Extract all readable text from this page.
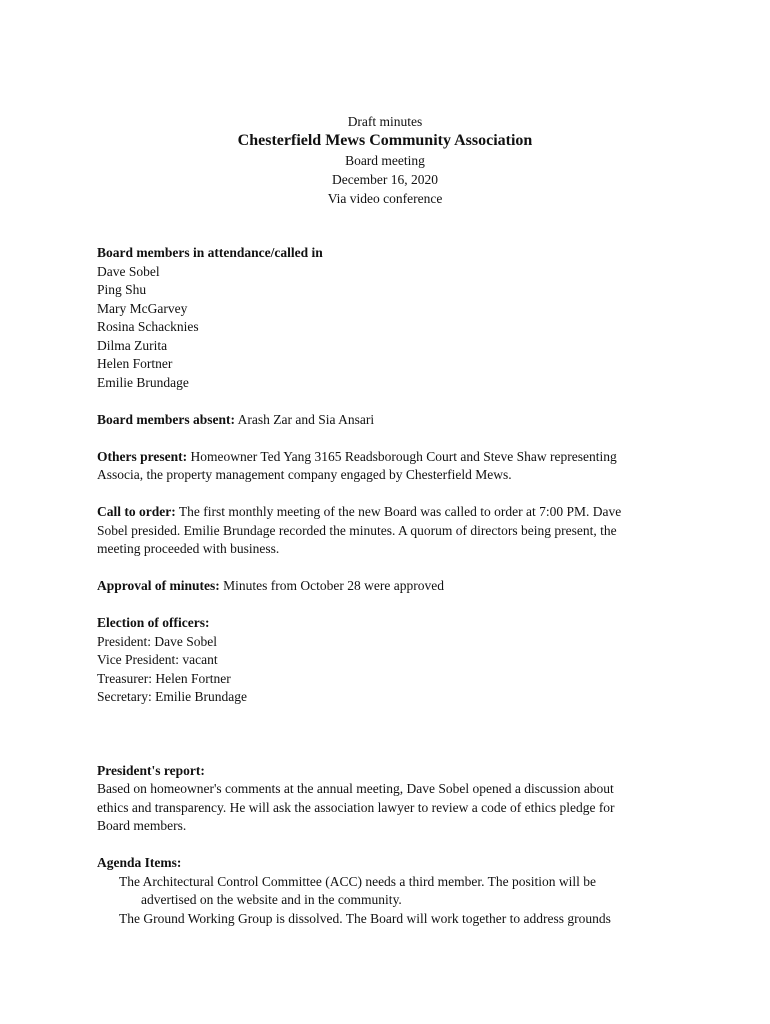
Draft minutes
Chesterfield Mews Community Association
Board meeting
December 16, 2020
Via video conference
Board members in attendance/called in
Dave Sobel
Ping Shu
Mary McGarvey
Rosina Schacknies
Dilma Zurita
Helen Fortner
Emilie Brundage
Board members absent: Arash Zar and Sia Ansari
Others present: Homeowner Ted Yang 3165 Readsborough Court and Steve Shaw representing
Associa, the property management company engaged by Chesterfield Mews.
Call to order: The first monthly meeting of the new Board was called to order at 7:00 PM. Dave
Sobel presided. Emilie Brundage recorded the minutes. A quorum of directors being present, the
meeting proceeded with business.
Approval of minutes: Minutes from October 28 were approved
Election of officers:
President: Dave Sobel
Vice President: vacant
Treasurer: Helen Fortner
Secretary: Emilie Brundage
President's report:
Based on homeowner's comments at the annual meeting, Dave Sobel opened a discussion about
ethics and transparency. He will ask the association lawyer to review a code of ethics pledge for
Board members.
Agenda Items:
The Architectural Control Committee (ACC) needs a third member. The position will be
advertised on the website and in the community.
The Ground Working Group is dissolved. The Board will work together to address grounds
